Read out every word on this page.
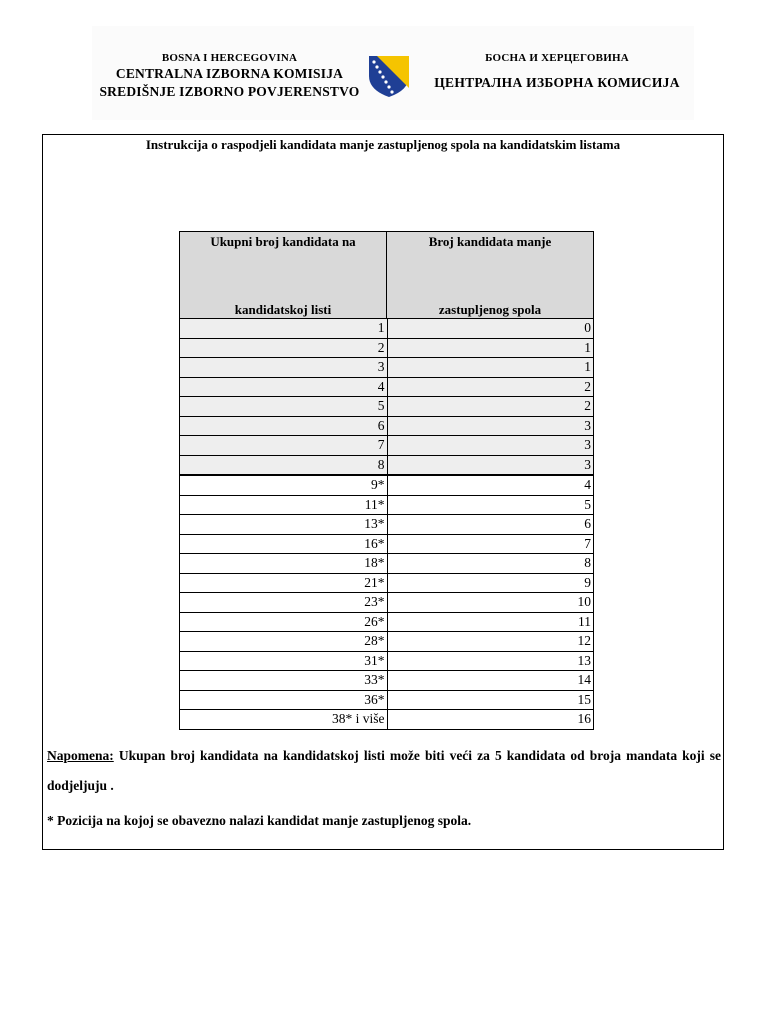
BOSNA I HERCEGOVINA
CENTRALNA IZBORNA KOMISIJA
SREDIŠNJE IZBORNO POVJERENSTVO
БОСНА И ХЕРЦЕГОВИНА
ЦЕНТРАЛНА ИЗБОРНА КОМИСИЈА
Instrukcija o raspodjeli kandidata manje zastupljenog spola na kandidatskim listama
Ukupni broj kandidata na
kandidatskoj listi
Broj kandidata manje
zastupljenog spola
1	0
2	1
3	1
4	2
5	2
6	3
7	3
8	3
9*	4
11*	5
13*	6
16*	7
18*	8
21*	9
23*	10
26*	11
28*	12
31*	13
33*	14
36*	15
38* i više	16
Napomena: Ukupan broj kandidata na kandidatskoj listi može biti veći za 5 kandidata od broja mandata koji se dodjeljuju .
* Pozicija na kojoj se obavezno nalazi kandidat manje zastupljenog spola.
